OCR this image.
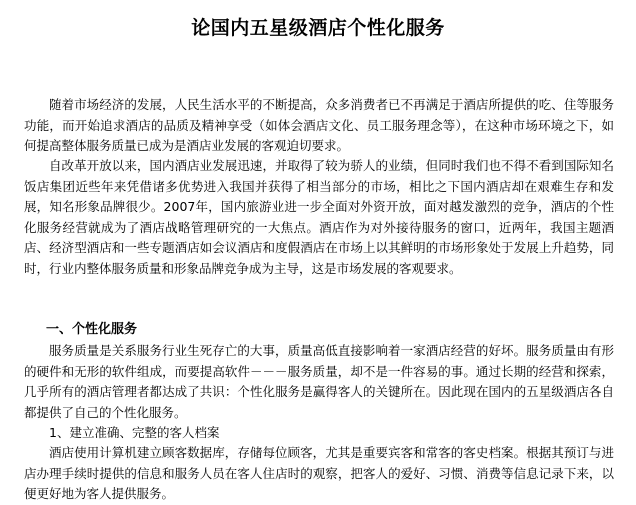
论国内五星级酒店个性化服务
随着市场经济的发展，人民生活水平的不断提高，众多消费者已不再满足于酒店所提供的吃、住等服务功能，而开始追求酒店的品质及精神享受（如体会酒店文化、员工服务理念等），在这种市场环境之下，如何提高整体服务质量已成为是酒店业发展的客观迫切要求。
自改革开放以来，国内酒店业发展迅速，并取得了较为骄人的业绩，但同时我们也不得不看到国际知名饭店集团近些年来凭借诸多优势进入我国并获得了相当部分的市场，相比之下国内酒店却在艰难生存和发展，知名形象品牌很少。2007年，国内旅游业进一步全面对外资开放，面对越发激烈的竞争，酒店的个性化服务经营就成为了酒店战略管理研究的一大焦点。酒店作为对外接待服务的窗口，近两年，我国主题酒店、经济型酒店和一些专题酒店如会议酒店和度假酒店在市场上以其鲜明的市场形象处于发展上升趋势，同时，行业内整体服务质量和形象品牌竞争成为主导，这是市场发展的客观要求。
一、个性化服务
服务质量是关系服务行业生死存亡的大事，质量高低直接影响着一家酒店经营的好坏。服务质量由有形的硬件和无形的软件组成，而要提高软件－－－服务质量，却不是一件容易的事。通过长期的经营和探索，几乎所有的酒店管理者都达成了共识：个性化服务是赢得客人的关键所在。因此现在国内的五星级酒店各自都提供了自己的个性化服务。
1、建立准确、完整的客人档案
酒店使用计算机建立顾客数据库，存储每位顾客，尤其是重要宾客和常客的客史档案。根据其预订与进店办理手续时提供的信息和服务人员在客人住店时的观察，把客人的爱好、习惯、消费等信息记录下来，以便更好地为客人提供服务。
